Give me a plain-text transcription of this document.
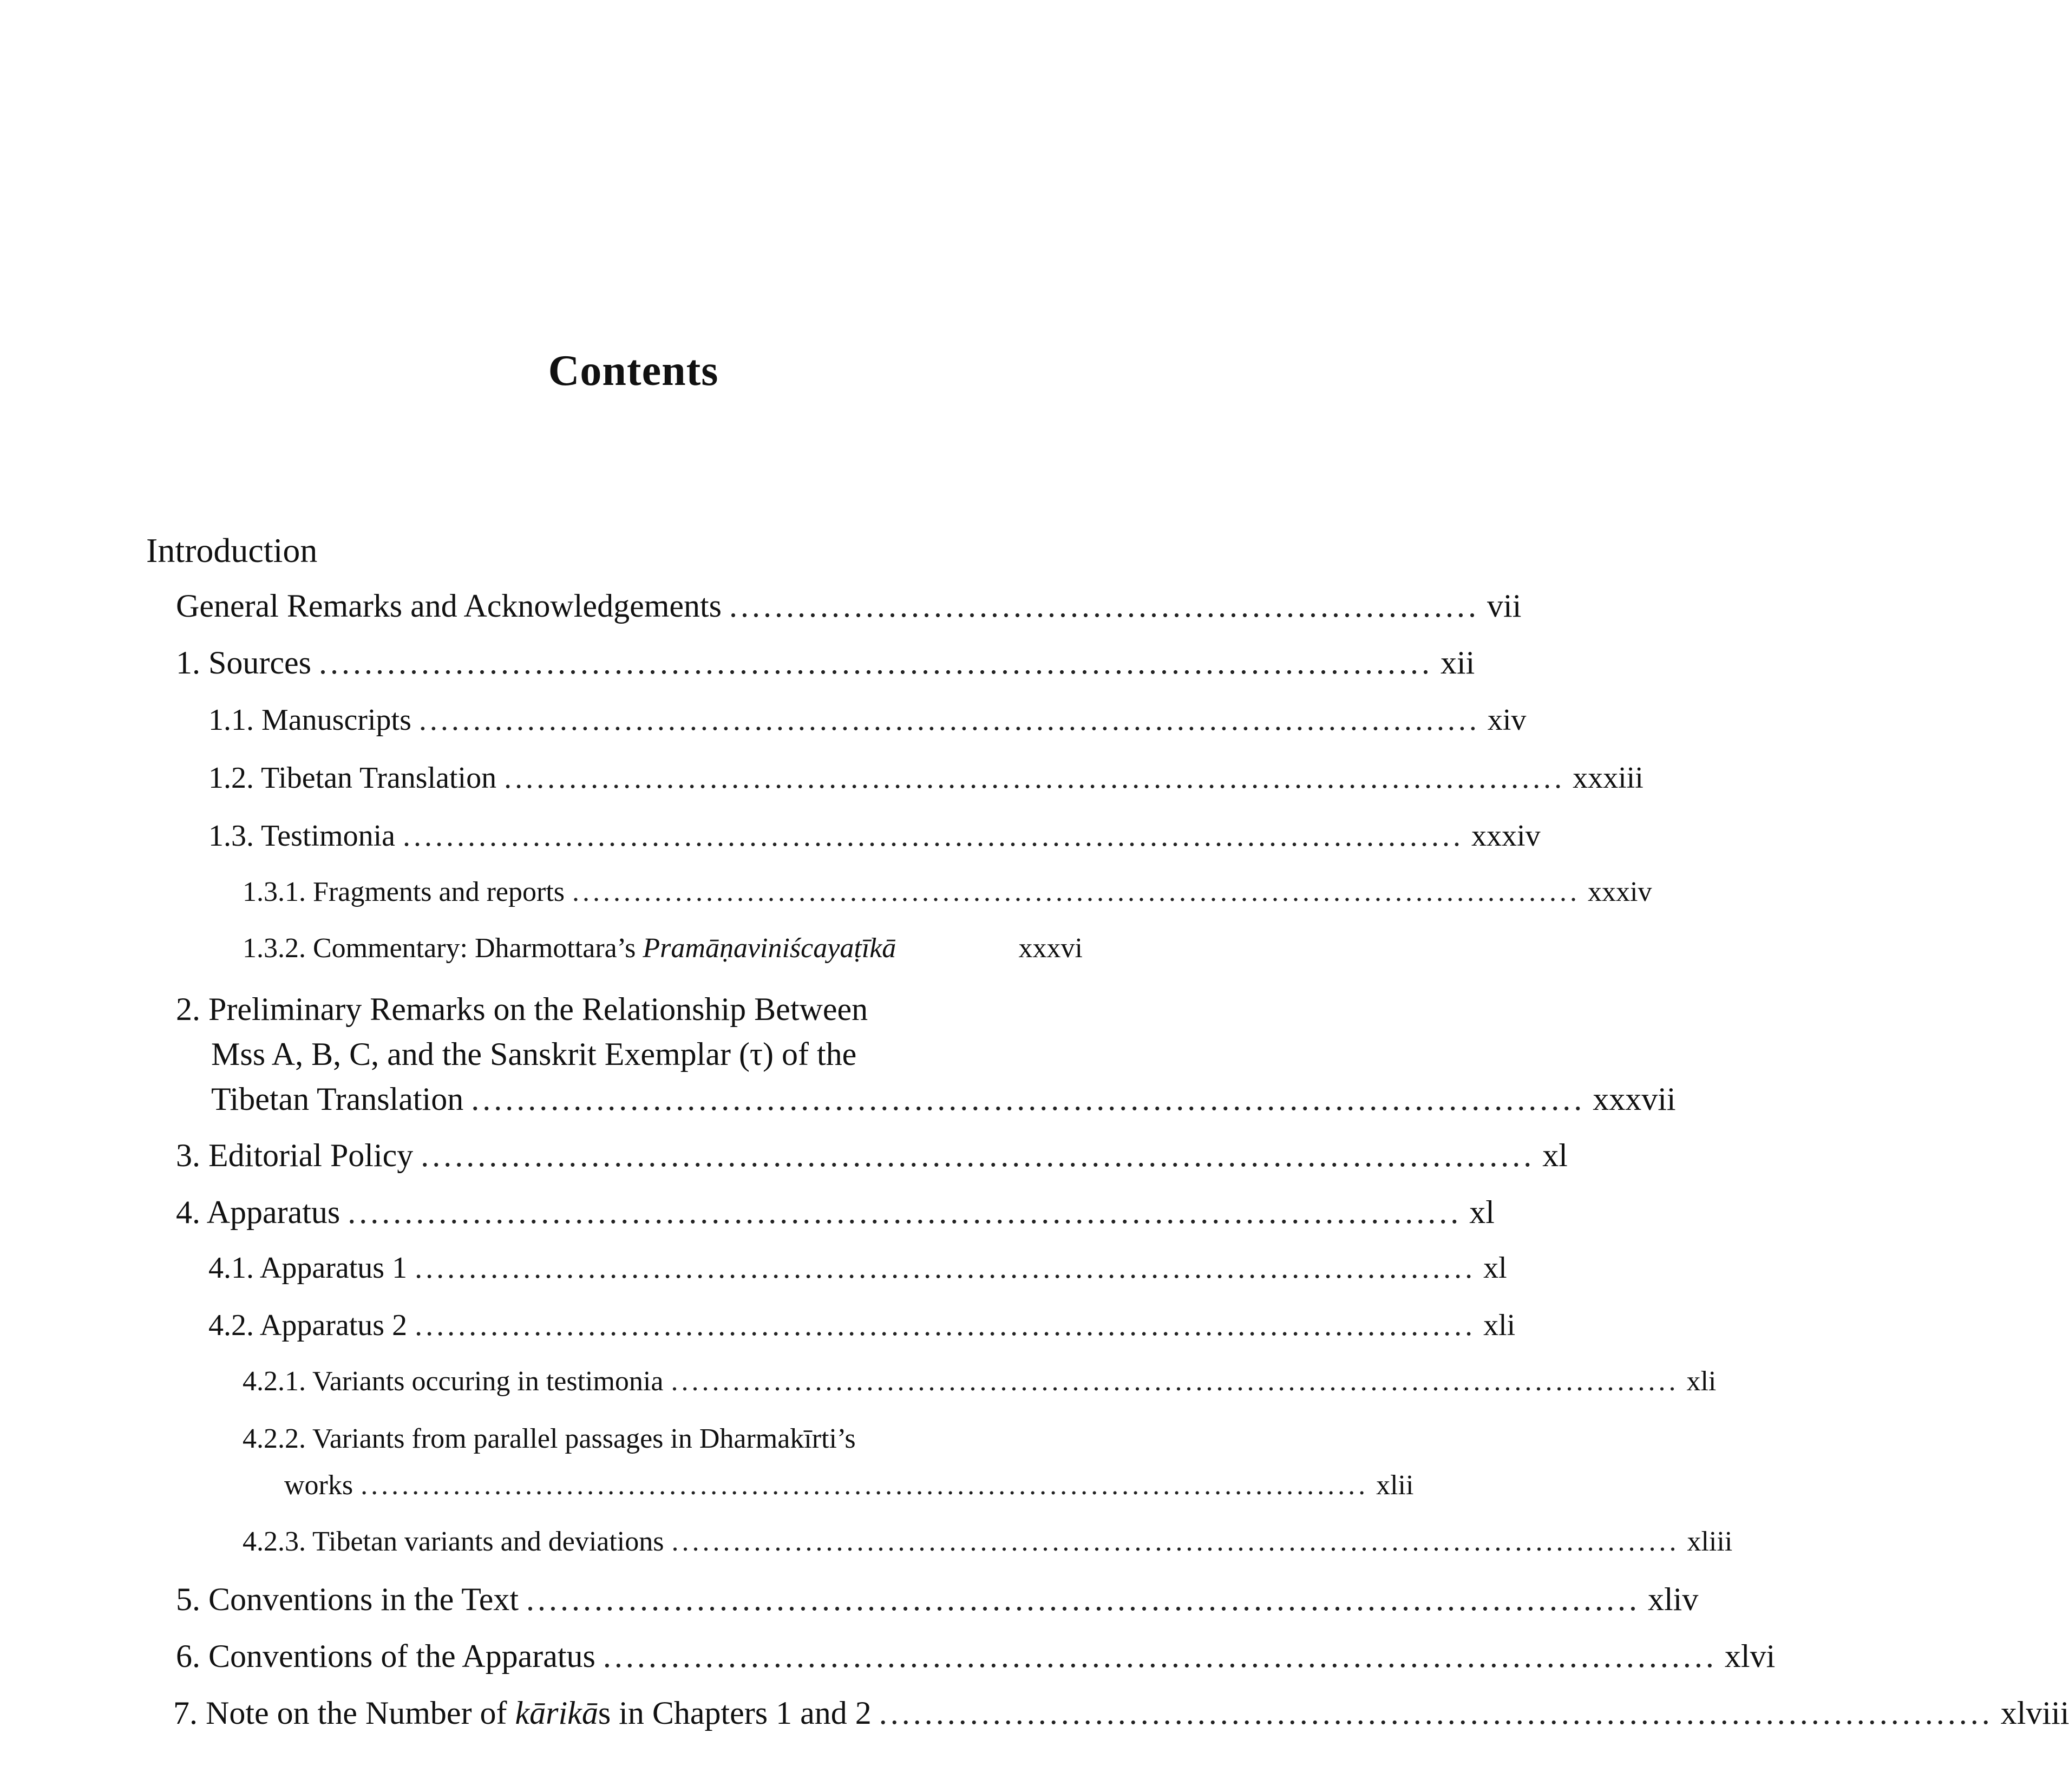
Contents
Introduction
General Remarks and Acknowledgements .................................................................. vii
1. Sources .................................................................................................. xii
1.1. Manuscripts .................................................................................................. xiv
1.2. Tibetan Translation .................................................................................................. xxxiii
1.3. Testimonia .................................................................................................. xxxiv
1.3.1. Fragments and reports .................................................................................................. xxxiv
1.3.2. Commentary: Dharmottara’s Pramāṇaviniścayaṭīkā	xxxvi
2. Preliminary Remarks on the Relationship Between
Mss A, B, C, and the Sanskrit Exemplar (τ) of the
Tibetan Translation .................................................................................................. xxxvii
3. Editorial Policy .................................................................................................. xl
4. Apparatus .................................................................................................. xl
4.1. Apparatus 1 .................................................................................................. xl
4.2. Apparatus 2 .................................................................................................. xli
4.2.1. Variants occuring in testimonia .................................................................................................. xli
4.2.2. Variants from parallel passages in Dharmakīrti’s
works .................................................................................................. xlii
4.2.3. Tibetan variants and deviations .................................................................................................. xliii
5. Conventions in the Text .................................................................................................. xliv
6. Conventions of the Apparatus .................................................................................................. xlvi
7. Note on the Number of kārikās in Chapters 1 and 2 .................................................................................................. xlviii
